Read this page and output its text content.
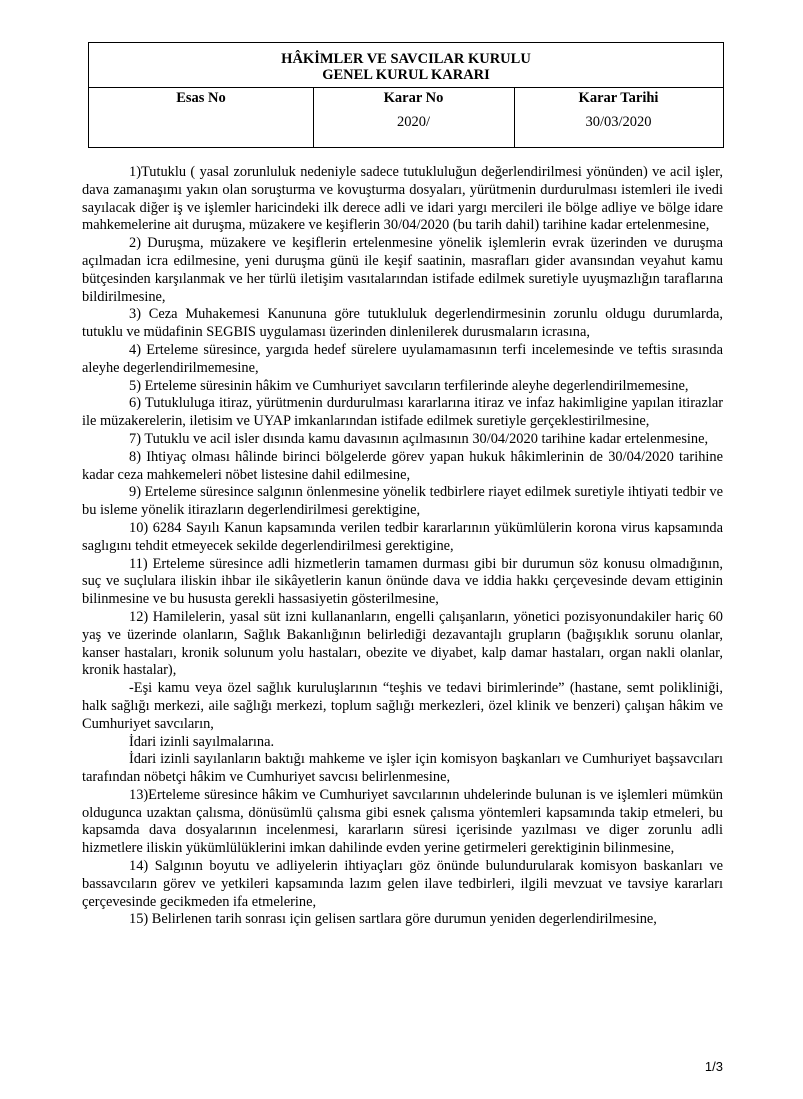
HÂKİMLER VE SAVCILAR KURULU
GENEL KURUL KARARI
Esas No	Karar No
2020/
Karar Tarihi
30/03/2020

1)Tutuklu ( yasal zorunluluk nedeniyle sadece tutukluluğun değerlendirilmesi yönünden) ve acil işler, dava zamanaşımı yakın olan soruşturma ve kovuşturma dosyaları, yürütmenin durdurulması istemleri ile ivedi sayılacak diğer iş ve işlemler haricindeki ilk derece adli ve idari yargı mercileri ile bölge adliye ve bölge idare mahkemelerine ait duruşma, müzakere ve keşiflerin 30/04/2020 (bu tarih dahil) tarihine kadar ertelenmesine,

2) Duruşma, müzakere ve keşiflerin ertelenmesine yönelik işlemlerin evrak üzerinden ve duruşma açılmadan icra edilmesine, yeni duruşma günü ile keşif saatinin, masrafları gider avansından veyahut kamu bütçesinden karşılanmak ve her türlü iletişim vasıtalarından istifade edilmek suretiyle uyuşmazlığın taraflarına bildirilmesine,

3) Ceza Muhakemesi Kanununa göre tutukluluk degerlendirmesinin zorunlu oldugu durumlarda, tutuklu ve müdafinin SEGBIS uygulaması üzerinden dinlenilerek durusmaların icrasına,

4) Erteleme süresince, yargıda hedef sürelere uyulamamasının terfi incelemesinde ve teftis sırasında aleyhe degerlendirilmemesine,

5) Erteleme süresinin hâkim ve Cumhuriyet savcıların terfilerinde aleyhe degerlendirilmemesine,

6) Tutukluluga itiraz, yürütmenin durdurulması kararlarına itiraz ve infaz hakimligine yapılan itirazlar ile müzakerelerin, iletisim ve UYAP imkanlarından istifade edilmek suretiyle gerçeklestirilmesine,

7) Tutuklu ve acil isler dısında kamu davasının açılmasının 30/04/2020 tarihine kadar ertelenmesine,

8) Ihtiyaç olması hâlinde birinci bölgelerde görev yapan hukuk hâkimlerinin de 30/04/2020 tarihine kadar ceza mahkemeleri nöbet listesine dahil edilmesine,

9) Erteleme süresince salgının önlenmesine yönelik tedbirlere riayet edilmek suretiyle ihtiyati tedbir ve bu isleme yönelik itirazların degerlendirilmesi gerektigine,

10) 6284 Sayılı Kanun kapsamında verilen tedbir kararlarının yükümlülerin korona virus kapsamında saglıgını tehdit etmeyecek sekilde degerlendirilmesi gerektigine,

11) Erteleme süresince adli hizmetlerin tamamen durması gibi bir durumun söz konusu olmadığının, suç ve suçlulara iliskin ihbar ile sikâyetlerin kanun önünde dava ve iddia hakkı çerçevesinde devam ettiginin bilinmesine ve bu hususta gerekli hassasiyetin gösterilmesine,

12) Hamilelerin, yasal süt izni kullananların, engelli çalışanların, yönetici pozisyonundakiler hariç 60 yaş ve üzerinde olanların, Sağlık Bakanlığının belirlediği dezavantajlı grupların (bağışıklık sorunu olanlar, kanser hastaları, kronik solunum yolu hastaları, obezite ve diyabet, kalp damar hastaları, organ nakli olanlar, kronik hastalar),

-Eşi kamu veya özel sağlık kuruluşlarının “teşhis ve tedavi birimlerinde” (hastane, semt polikliniği, halk sağlığı merkezi, aile sağlığı merkezi, toplum sağlığı merkezleri, özel klinik ve benzeri) çalışan hâkim ve Cumhuriyet savcıların,

İdari izinli sayılmalarına.

İdari izinli sayılanların baktığı mahkeme ve işler için komisyon başkanları ve Cumhuriyet başsavcıları tarafından nöbetçi hâkim ve Cumhuriyet savcısı belirlenmesine,

13)Erteleme süresince hâkim ve Cumhuriyet savcılarının uhdelerinde bulunan is ve işlemleri mümkün oldugunca uzaktan çalısma, dönüsümlü çalısma gibi esnek çalısma yöntemleri kapsamında takip etmeleri, bu kapsamda dava dosyalarının incelenmesi, kararların süresi içerisinde yazılması ve diger zorunlu adli hizmetlere iliskin yükümlülüklerini imkan dahilinde evden yerine getirmeleri gerektiginin bilinmesine,

14) Salgının boyutu ve adliyelerin ihtiyaçları göz önünde bulundurularak komisyon baskanları ve bassavcıların görev ve yetkileri kapsamında lazım gelen ilave tedbirleri, ilgili mevzuat ve tavsiye kararları çerçevesinde gecikmeden ifa etmelerine,

15) Belirlenen tarih sonrası için gelisen sartlara göre durumun yeniden degerlendirilmesine,

1/3
